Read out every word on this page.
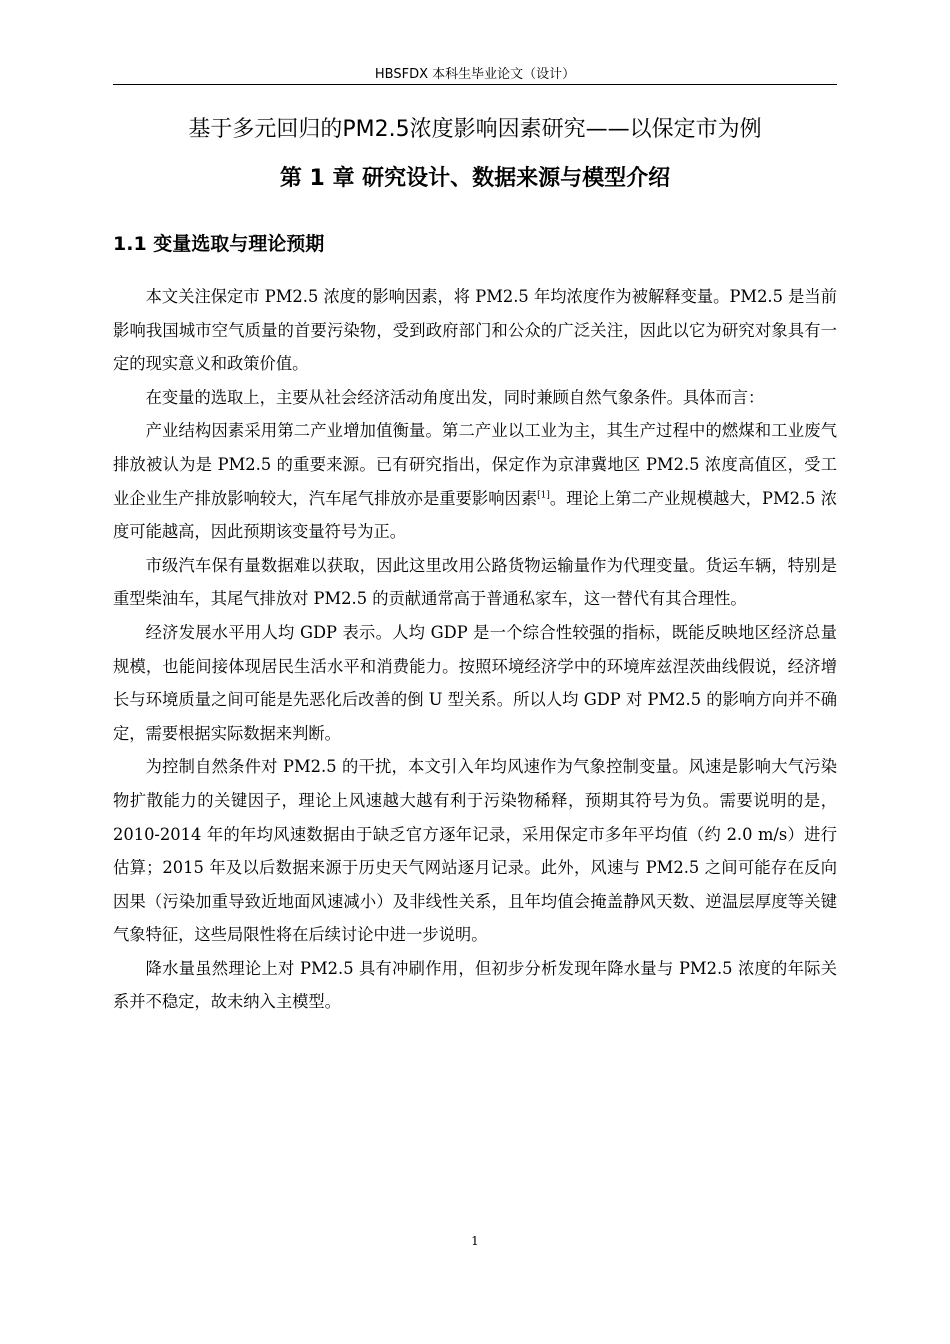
HBSFDX 本科生毕业论文（设计）
基于多元回归的PM2.5浓度影响因素研究——以保定市为例
第 1 章 研究设计、数据来源与模型介绍
1.1 变量选取与理论预期

本文关注保定市 PM2.5 浓度的影响因素，将 PM2.5 年均浓度作为被解释变量。PM2.5 是当前影响我国城市空气质量的首要污染物，受到政府部门和公众的广泛关注，因此以它为研究对象具有一定的现实意义和政策价值。

在变量的选取上，主要从社会经济活动角度出发，同时兼顾自然气象条件。具体而言：

产业结构因素采用第二产业增加值衡量。第二产业以工业为主，其生产过程中的燃煤和工业废气排放被认为是 PM2.5 的重要来源。已有研究指出，保定作为京津冀地区 PM2.5 浓度高值区，受工业企业生产排放影响较大，汽车尾气排放亦是重要影响因素[1]。理论上第二产业规模越大，PM2.5 浓度可能越高，因此预期该变量符号为正。

市级汽车保有量数据难以获取，因此这里改用公路货物运输量作为代理变量。货运车辆，特别是重型柴油车，其尾气排放对 PM2.5 的贡献通常高于普通私家车，这一替代有其合理性。

经济发展水平用人均 GDP 表示。人均 GDP 是一个综合性较强的指标，既能反映地区经济总量规模，也能间接体现居民生活水平和消费能力。按照环境经济学中的环境库兹涅茨曲线假说，经济增长与环境质量之间可能是先恶化后改善的倒 U 型关系。所以人均 GDP 对 PM2.5 的影响方向并不确定，需要根据实际数据来判断。

为控制自然条件对 PM2.5 的干扰，本文引入年均风速作为气象控制变量。风速是影响大气污染物扩散能力的关键因子，理论上风速越大越有利于污染物稀释，预期其符号为负。需要说明的是，2010-2014 年的年均风速数据由于缺乏官方逐年记录，采用保定市多年平均值（约 2.0 m/s）进行估算；2015 年及以后数据来源于历史天气网站逐月记录。此外，风速与 PM2.5 之间可能存在反向因果（污染加重导致近地面风速减小）及非线性关系，且年均值会掩盖静风天数、逆温层厚度等关键气象特征，这些局限性将在后续讨论中进一步说明。

降水量虽然理论上对 PM2.5 具有冲刷作用，但初步分析发现年降水量与 PM2.5 浓度的年际关系并不稳定，故未纳入主模型。

1
